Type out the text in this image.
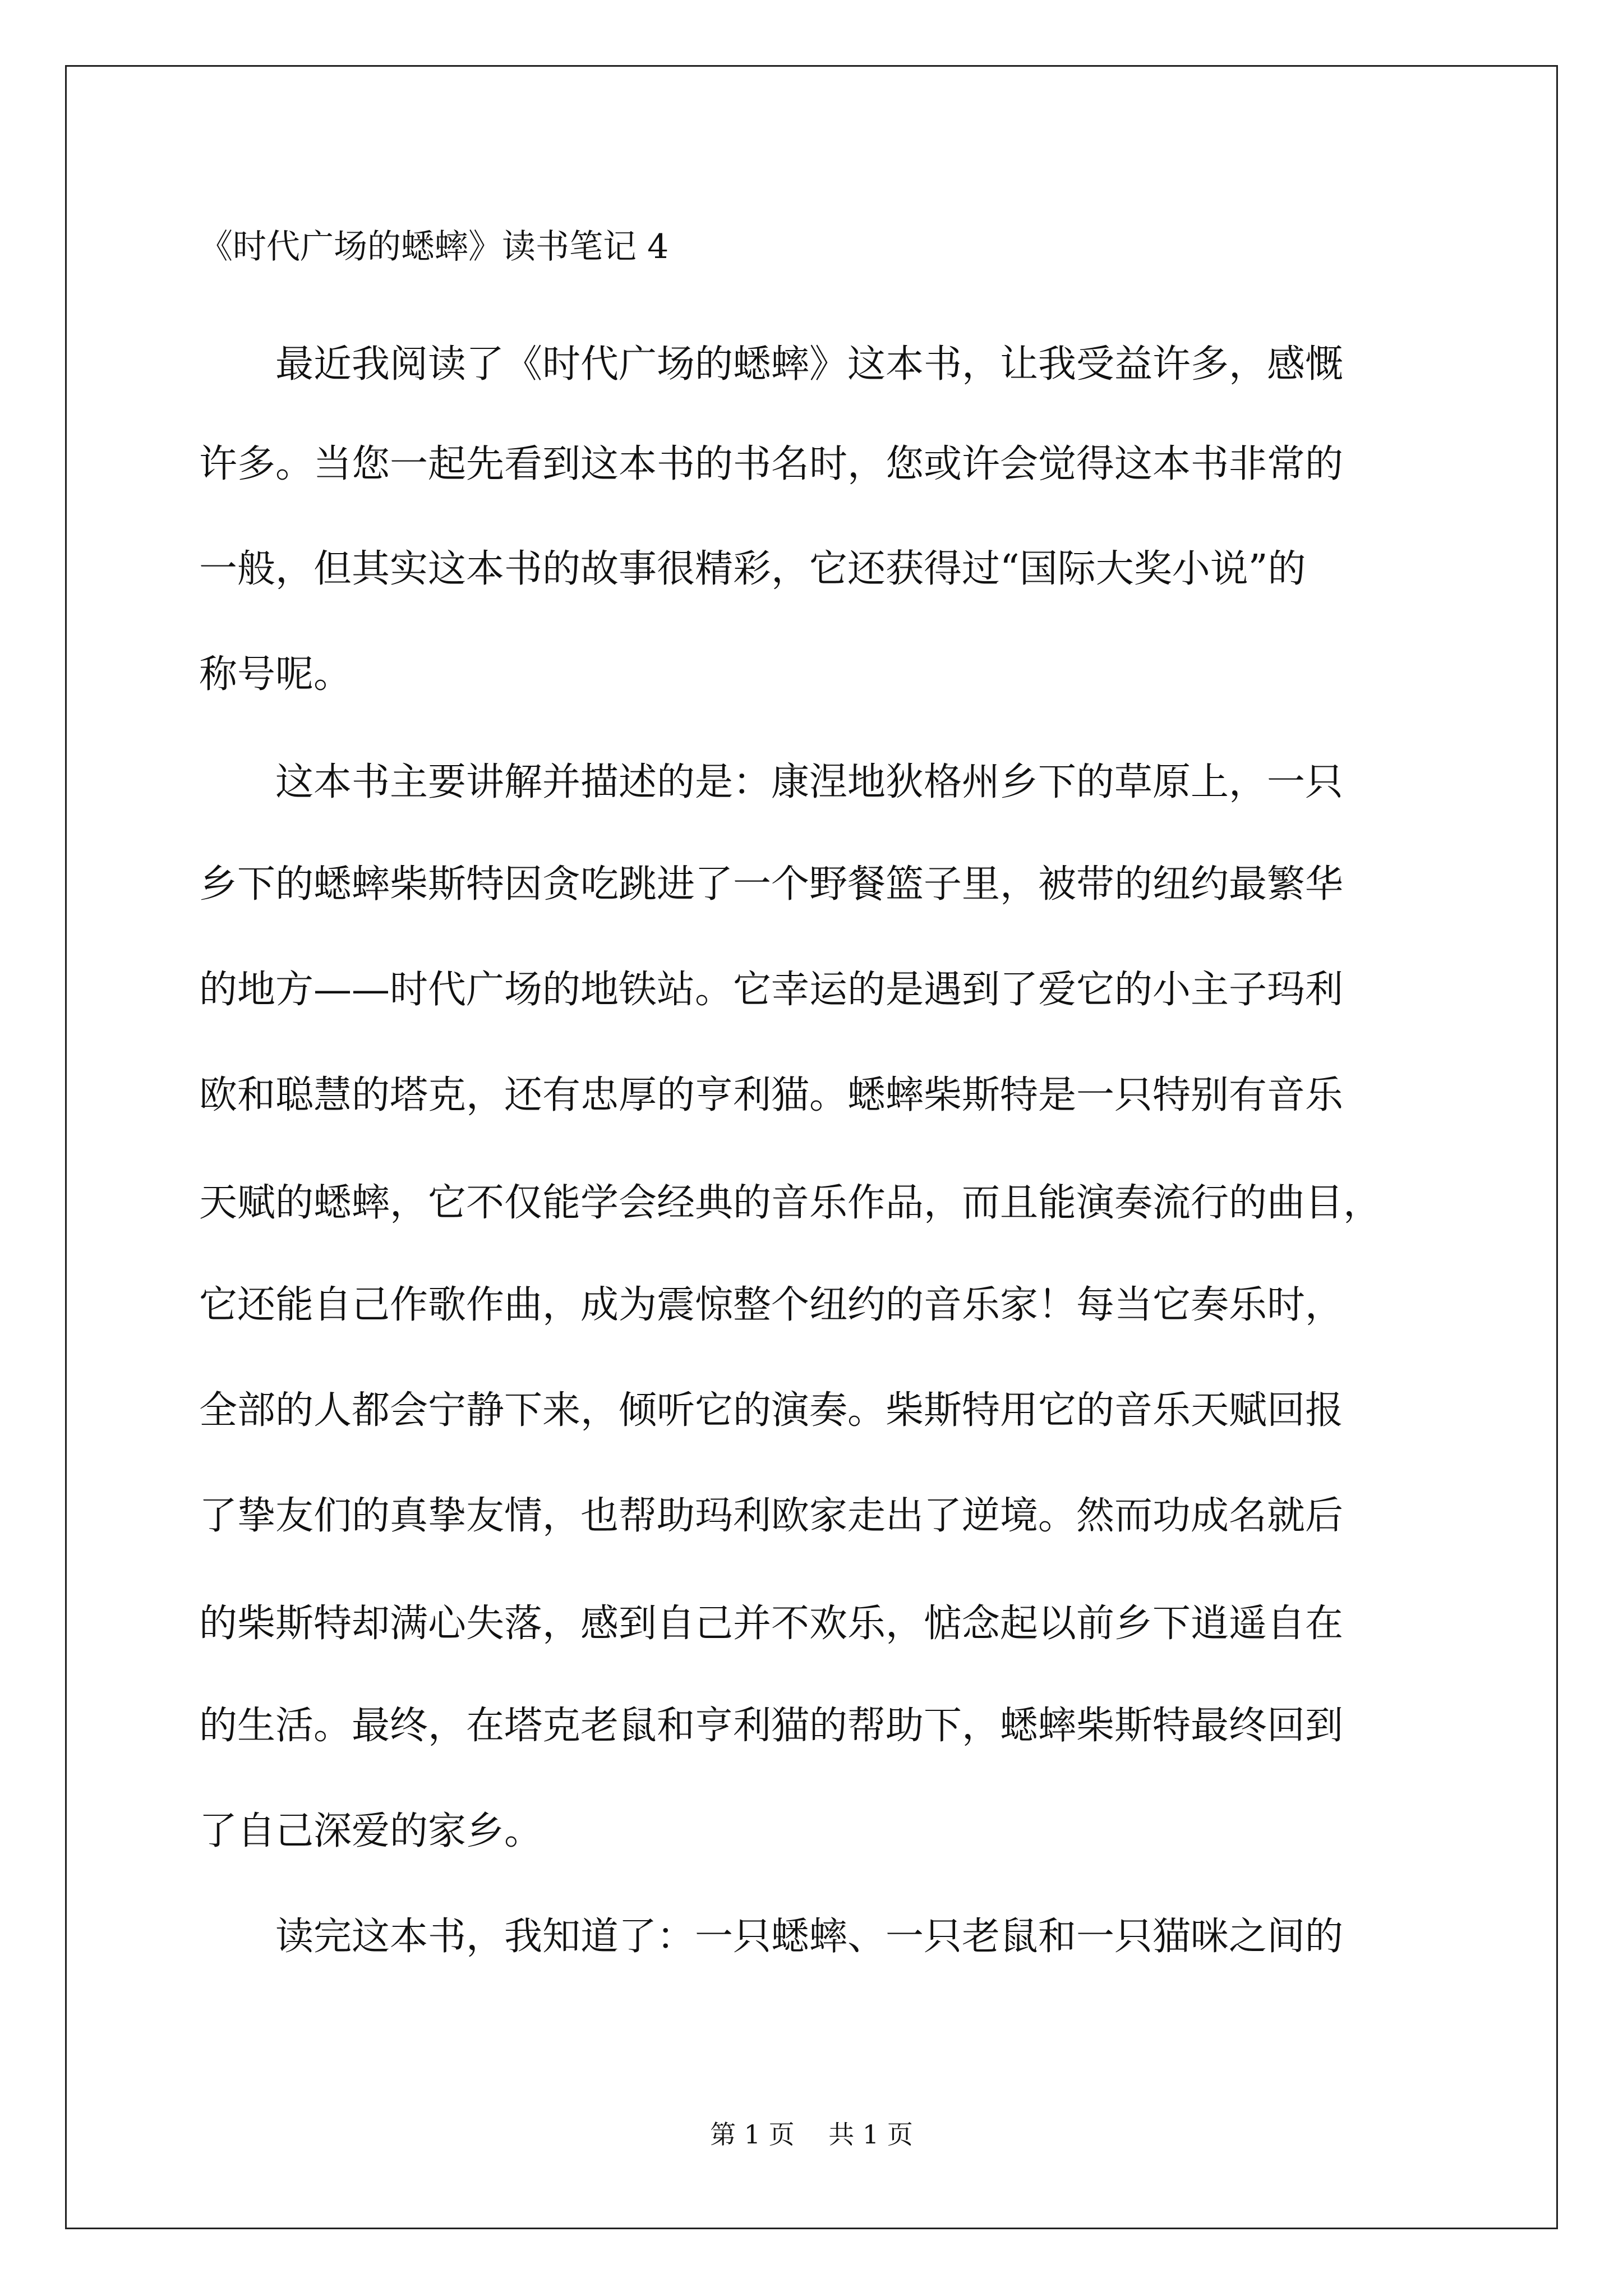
《时代广场的蟋蟀》读书笔记 4

　　最近我阅读了《时代广场的蟋蟀》这本书，让我受益许多，感慨

许多。当您一起先看到这本书的书名时，您或许会觉得这本书非常的

一般，但其实这本书的故事很精彩，它还获得过“国际大奖小说”的

称号呢。

　　这本书主要讲解并描述的是：康涅地狄格州乡下的草原上，一只

乡下的蟋蟀柴斯特因贪吃跳进了一个野餐篮子里，被带的纽约最繁华

的地方——时代广场的地铁站。它幸运的是遇到了爱它的小主子玛利

欧和聪慧的塔克，还有忠厚的亨利猫。蟋蟀柴斯特是一只特别有音乐

天赋的蟋蟀，它不仅能学会经典的音乐作品，而且能演奏流行的曲目，

它还能自己作歌作曲，成为震惊整个纽约的音乐家！每当它奏乐时，

全部的人都会宁静下来，倾听它的演奏。柴斯特用它的音乐天赋回报

了挚友们的真挚友情，也帮助玛利欧家走出了逆境。然而功成名就后

的柴斯特却满心失落，感到自己并不欢乐，惦念起以前乡下逍遥自在

的生活。最终，在塔克老鼠和亨利猫的帮助下，蟋蟀柴斯特最终回到

了自己深爱的家乡。

　　读完这本书，我知道了：一只蟋蟀、一只老鼠和一只猫咪之间的

第 1 页　 共 1 页
